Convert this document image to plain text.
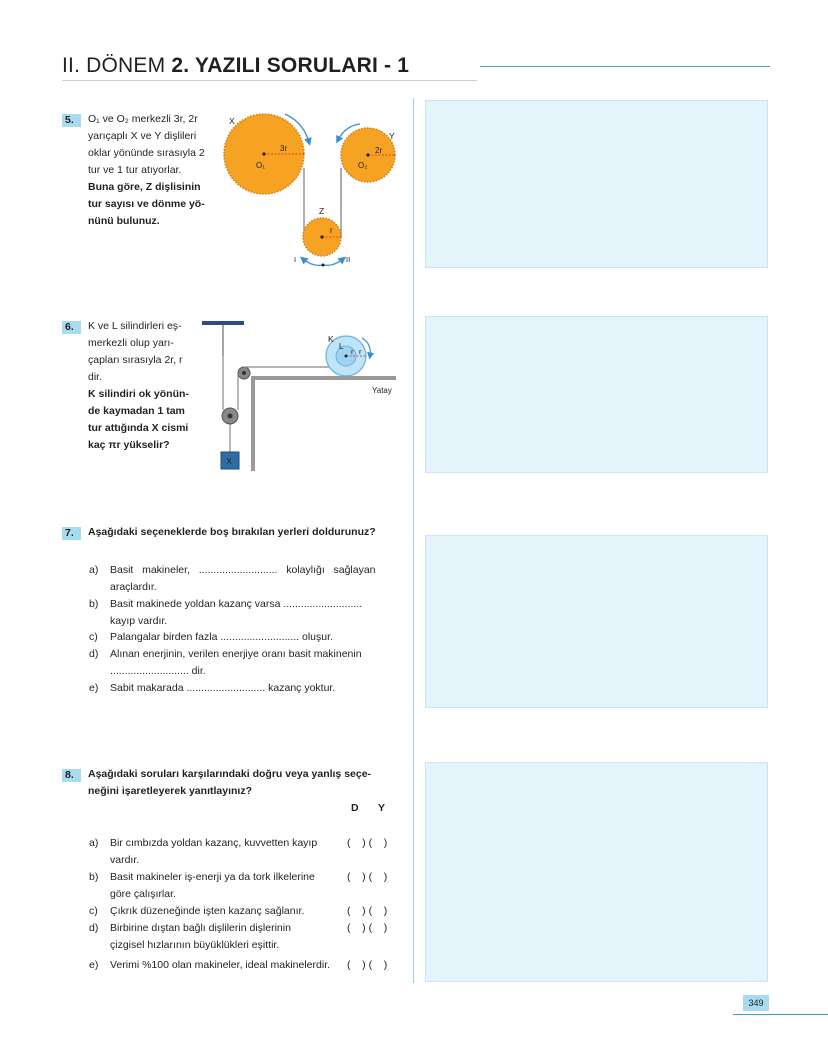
II. DÖNEM 2. YAZILI SORULARI - 1
5.	O₁ ve O₂ merkezli 3r, 2r
yarıçaplı X ve Y dişlileri
oklar yönünde sırasıyla 2
tur ve 1 tur atıyorlar.
Buna göre, Z dişlisinin
tur sayısı ve dönme yö-
nünü bulunuz.
3r
O₁
X
2r
O₂
Y
r
Z
I	II
6.	K ve L silindirleri eş-
merkezli olup yarı-
çapları sırasıyla 2r, r
dir.
K silindiri ok yönün-
de kaymadan 1 tam
tur attığında X cismi
kaç πr yükselir?
X
r r
L
K
Yatay
7.	Aşağıdaki seçeneklerde boş bırakılan yerleri doldurunuz?
a) Basit   makineler,   ...........................   kolaylığı   sağlayan
araçlardır.
b) Basit makinede yoldan kazanç varsa ...........................
kayıp vardır.
c) Palangalar birden fazla ........................... oluşur.
d) Alınan enerjinin, verilen enerjiye oranı basit makinenin
........................... dir.
e) Sabit makarada ........................... kazanç yoktur.
8.	Aşağıdaki soruları karşılarındaki doğru veya yanlış seçe-
neğini işaretleyerek yanıtlayınız?
D Y
a) Bir cımbızda yoldan kazanç, kuvvetten kayıp
vardır.
(    ) (    )
b) Basit makineler iş-enerji ya da tork ilkelerine
göre çalışırlar.
(    ) (    )
c) Çıkrık düzeneğinde işten kazanç sağlanır.	(    ) (    )
d) Birbirine dıştan bağlı dişlilerin dişlerinin
çizgisel hızlarının büyüklükleri eşittir.
(    ) (    )
e) Verimi %100 olan makineler, ideal makinelerdir. (    ) (    )
349
